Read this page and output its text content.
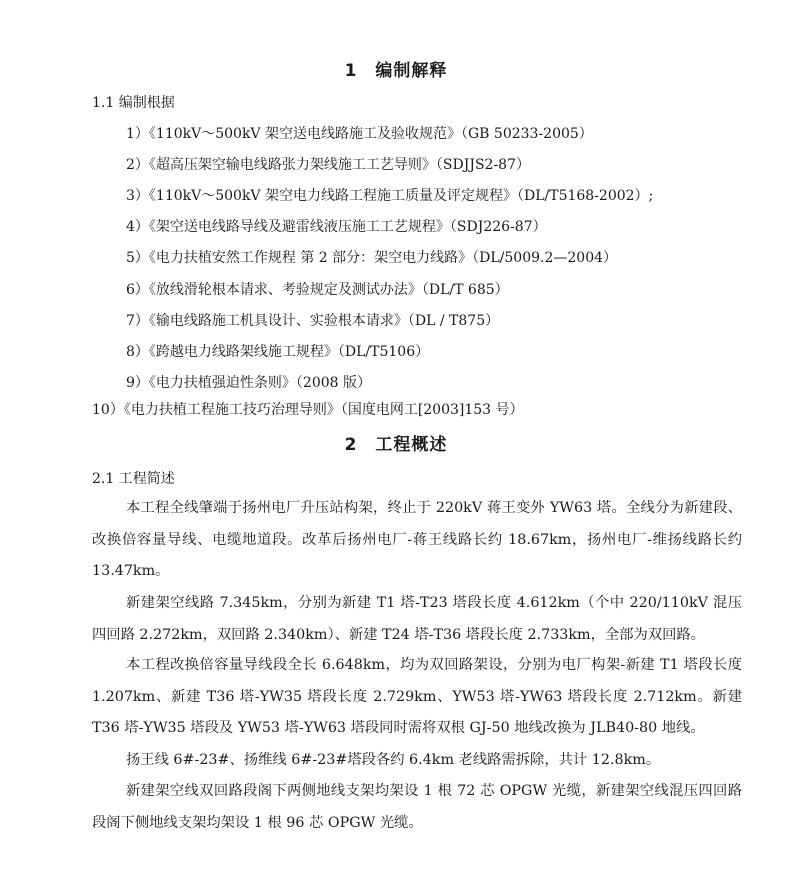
1 编制解释
1.1 编制根据
1）《110kV～500kV 架空送电线路施工及验收规范》（GB 50233-2005）
2）《超高压架空输电线路张力架线施工工艺导则》（SDJJS2-87）
3）《110kV～500kV 架空电力线路工程施工质量及评定规程》（DL/T5168-2002）;
4）《架空送电线路导线及避雷线液压施工工艺规程》（SDJ226-87）
5）《电力扶植安然工作规程 第 2 部分：架空电力线路》（DL/5009.2—2004）
6）《放线滑轮根本请求、考验规定及测试办法》（DL/T 685）
7）《输电线路施工机具设计、实验根本请求》（DL / T875）
8）《跨越电力线路架线施工规程》（DL/T5106）
9）《电力扶植强迫性条则》（2008 版）
10）《电力扶植工程施工技巧治理导则》（国度电网工[2003]153 号）
2 工程概述
2.1 工程简述
本工程全线肇端于扬州电厂升压站构架，终止于 220kV 蒋王变外 YW63 塔。全线分为新建段、改换倍容量导线、电缆地道段。改革后扬州电厂-蒋王线路长约 18.67km，扬州电厂-维扬线路长约 13.47km。
新建架空线路 7.345km，分别为新建 T1 塔-T23 塔段长度 4.612km（个中 220/110kV 混压四回路 2.272km，双回路 2.340km）、新建 T24 塔-T36 塔段长度 2.733km，全部为双回路。
本工程改换倍容量导线段全长 6.648km，均为双回路架设，分别为电厂构架-新建 T1 塔段长度 1.207km、新建 T36 塔-YW35 塔段长度 2.729km、YW53 塔-YW63 塔段长度 2.712km。新建 T36 塔-YW35 塔段及 YW53 塔-YW63 塔段同时需将双根 GJ-50 地线改换为 JLB40-80 地线。
扬王线 6#-23#、扬维线 6#-23#塔段各约 6.4km 老线路需拆除，共计 12.8km。
新建架空线双回路段阁下两侧地线支架均架设 1 根 72 芯 OPGW 光缆，新建架空线混压四回路段阁下侧地线支架均架设 1 根 96 芯 OPGW 光缆。
